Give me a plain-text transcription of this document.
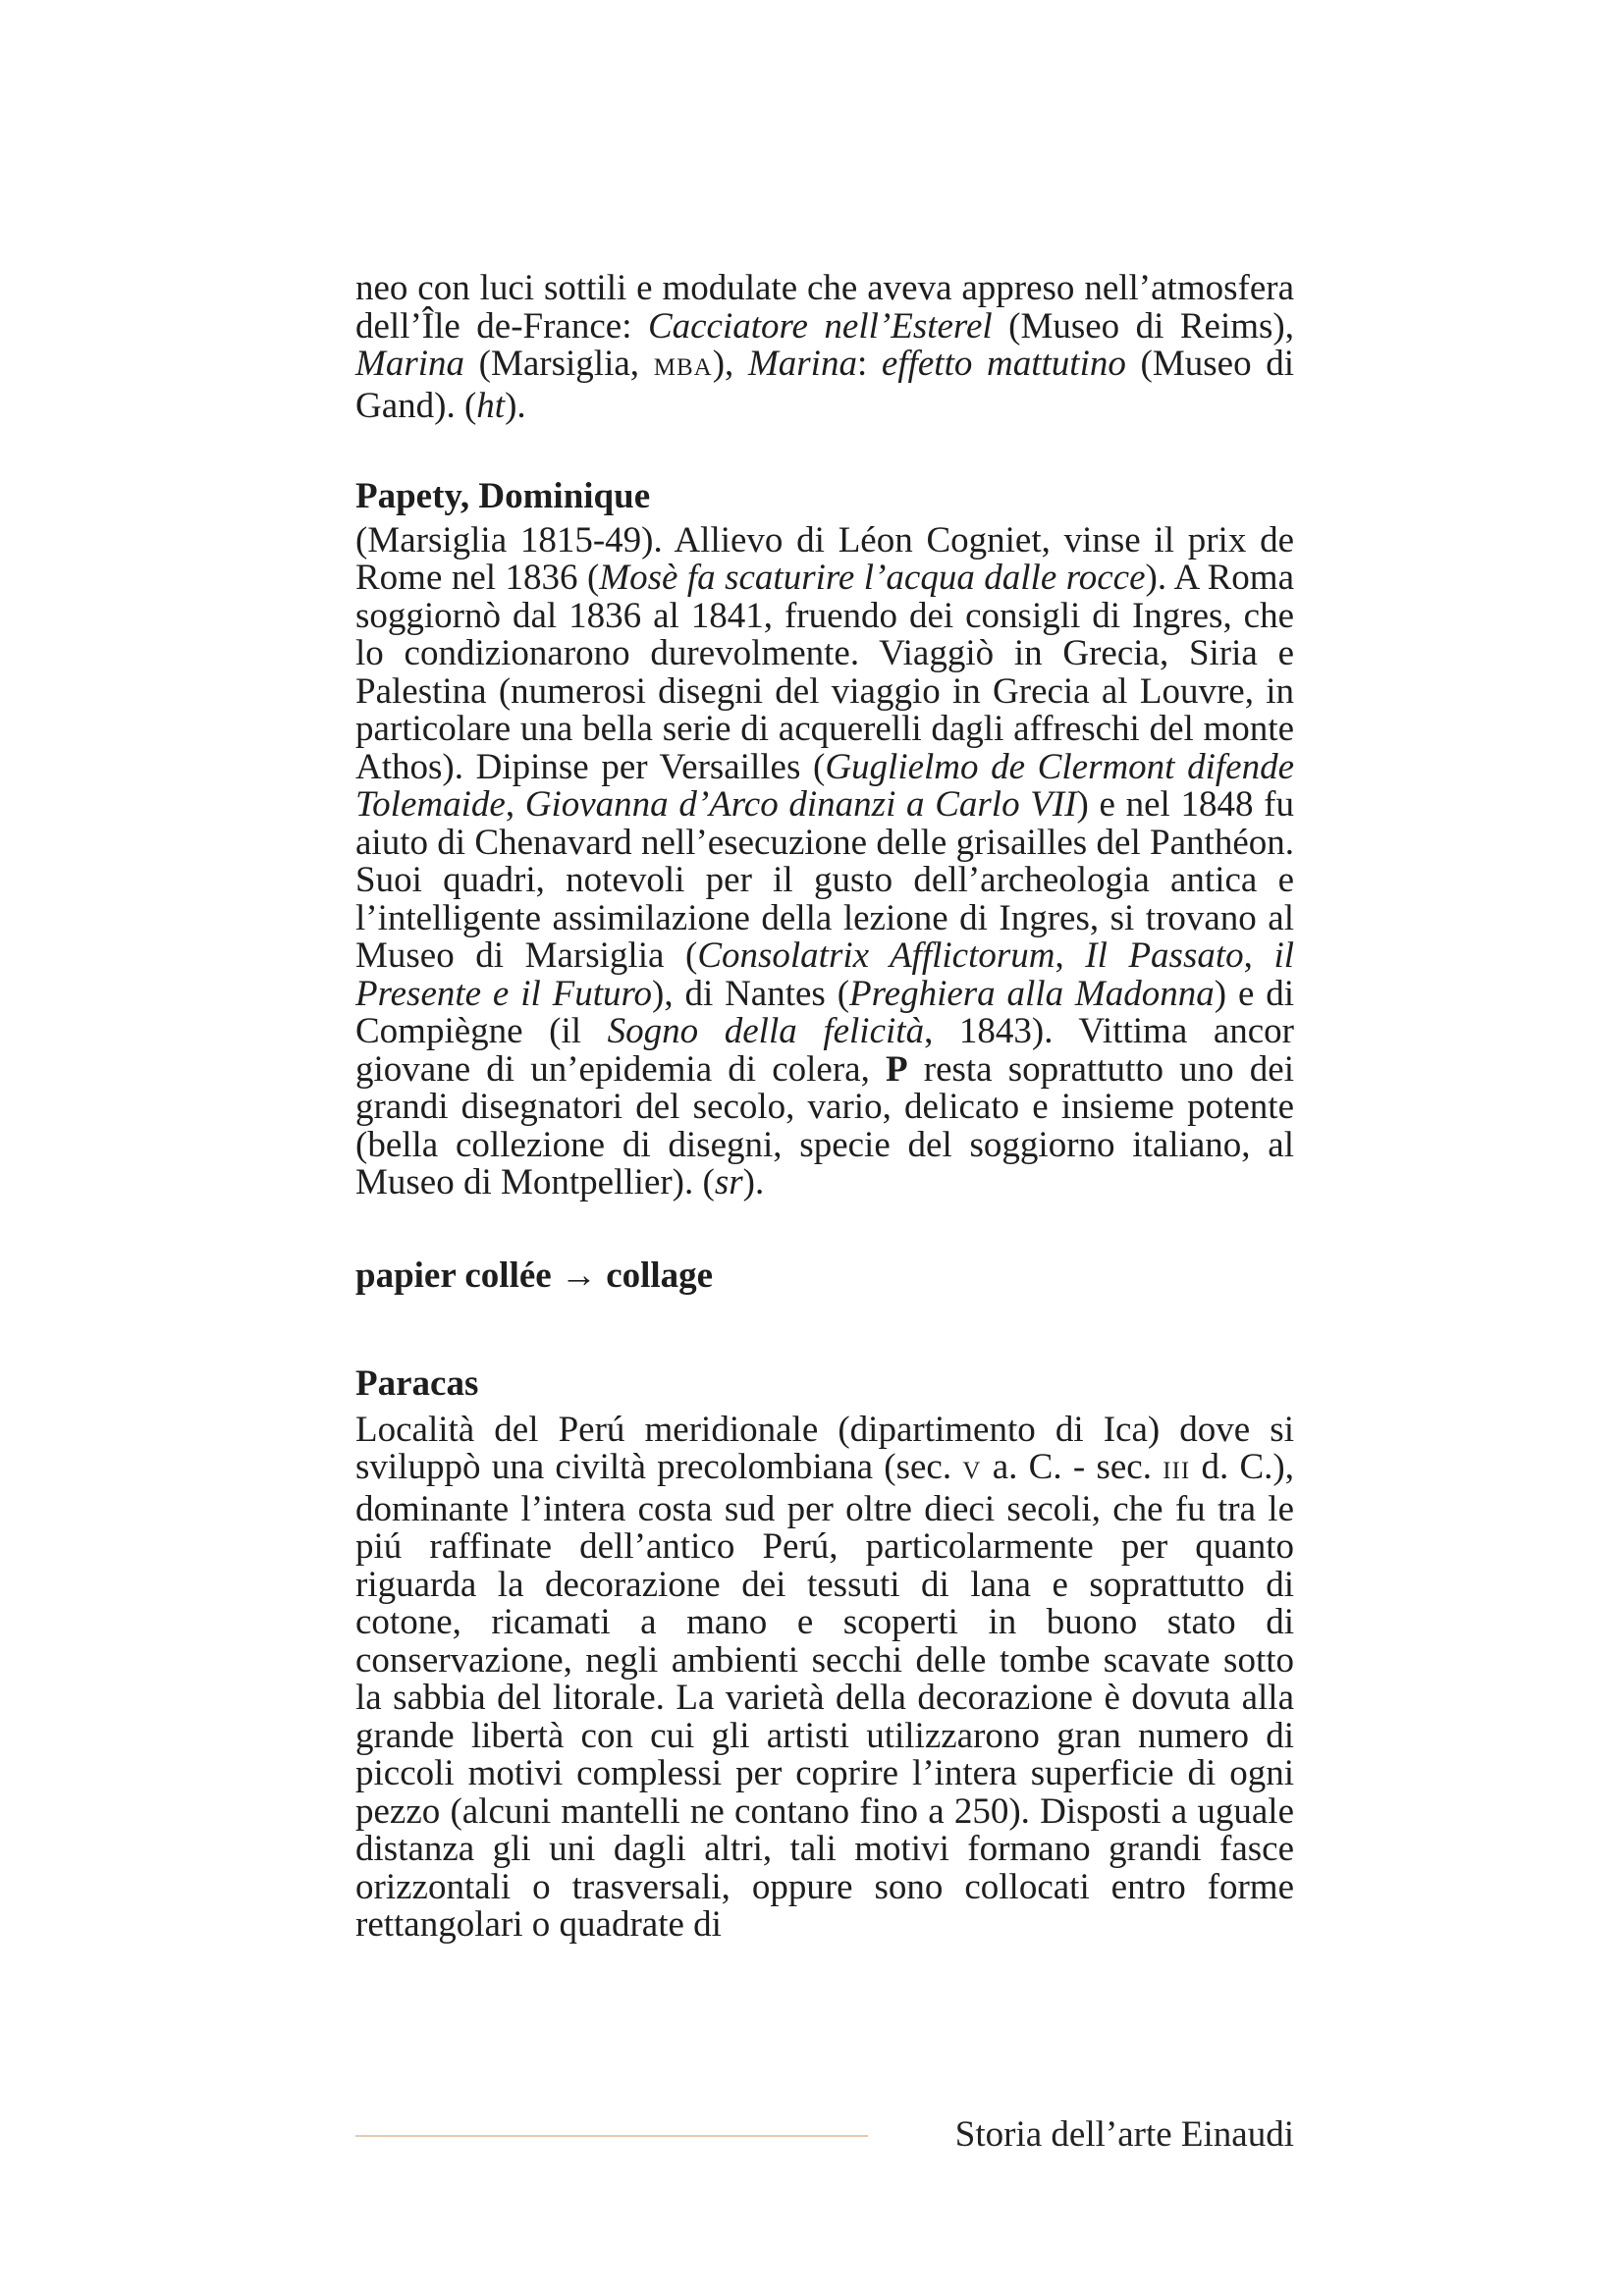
neo con luci sottili e modulate che aveva appreso nell’atmosfera dell’Île de-France: Cacciatore nell’Esterel (Museo di Reims), Marina (Marsiglia, MBA), Marina: effetto mattutino (Museo di Gand). (ht).

Papety, Dominique

(Marsiglia 1815-49). Allievo di Léon Cogniet, vinse il prix de Rome nel 1836 (Mosè fa scaturire l’acqua dalle rocce). A Roma soggiornò dal 1836 al 1841, fruendo dei consigli di Ingres, che lo condizionarono durevolmente. Viaggiò in Grecia, Siria e Palestina (numerosi disegni del viaggio in Grecia al Louvre, in particolare una bella serie di acquerelli dagli affreschi del monte Athos). Dipinse per Versailles (Guglielmo de Clermont difende Tolemaide, Giovanna d’Arco dinanzi a Carlo VII) e nel 1848 fu aiuto di Chenavard nell’esecuzione delle grisailles del Panthéon. Suoi quadri, notevoli per il gusto dell’archeologia antica e l’intelligente assimilazione della lezione di Ingres, si trovano al Museo di Marsiglia (Consolatrix Afflictorum, Il Passato, il Presente e il Futuro), di Nantes (Preghiera alla Madonna) e di Compiègne (il Sogno della felicità, 1843). Vittima ancor giovane di un’epidemia di colera, P resta soprattutto uno dei grandi disegnatori del secolo, vario, delicato e insieme potente (bella collezione di disegni, specie del soggiorno italiano, al Museo di Montpellier). (sr).

papier collée → collage
Paracas

Località del Perú meridionale (dipartimento di Ica) dove si sviluppò una civiltà precolombiana (sec. V a. C. - sec. III d. C.), dominante l’intera costa sud per oltre dieci secoli, che fu tra le piú raffinate dell’antico Perú, particolarmente per quanto riguarda la decorazione dei tessuti di lana e soprattutto di cotone, ricamati a mano e scoperti in buono stato di conservazione, negli ambienti secchi delle tombe scavate sotto la sabbia del litorale. La varietà della decorazione è dovuta alla grande libertà con cui gli artisti utilizzarono gran numero di piccoli motivi complessi per coprire l’intera superficie di ogni pezzo (alcuni mantelli ne contano fino a 250). Disposti a uguale distanza gli uni dagli altri, tali motivi formano grandi fasce orizzontali o trasversali, oppure sono collocati entro forme rettangolari o quadrate di

Storia dell’arte Einaudi
